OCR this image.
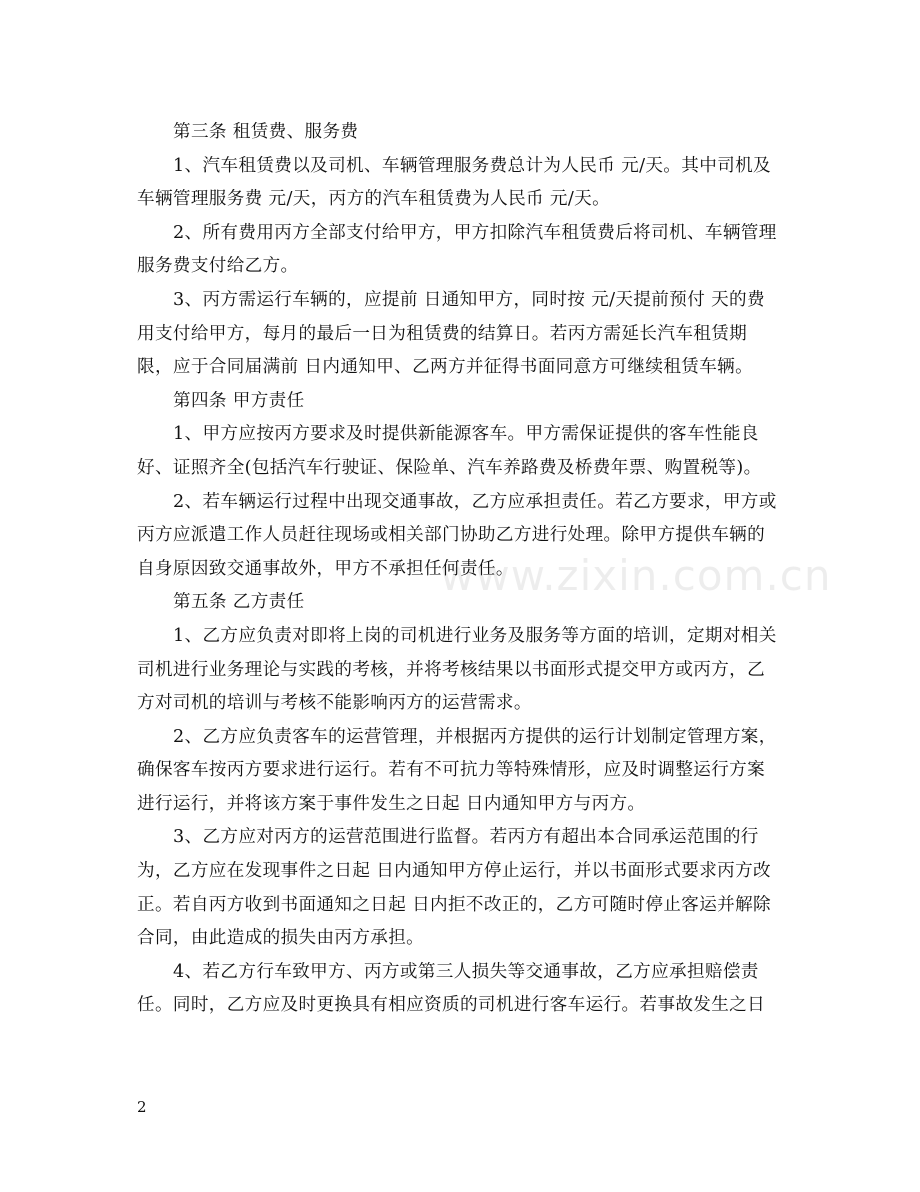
www.zixin.com.cn
第三条 租赁费、服务费
1、汽车租赁费以及司机、车辆管理服务费总计为人民币 元/天。其中司机及
车辆管理服务费 元/天，丙方的汽车租赁费为人民币 元/天。
2、所有费用丙方全部支付给甲方，甲方扣除汽车租赁费后将司机、车辆管理
服务费支付给乙方。
3、丙方需运行车辆的，应提前 日通知甲方，同时按 元/天提前预付 天的费
用支付给甲方，每月的最后一日为租赁费的结算日。若丙方需延长汽车租赁期
限，应于合同届满前 日内通知甲、乙两方并征得书面同意方可继续租赁车辆。
第四条 甲方责任
1、甲方应按丙方要求及时提供新能源客车。甲方需保证提供的客车性能良
好、证照齐全(包括汽车行驶证、保险单、汽车养路费及桥费年票、购置税等)。
2、若车辆运行过程中出现交通事故，乙方应承担责任。若乙方要求，甲方或
丙方应派遣工作人员赶往现场或相关部门协助乙方进行处理。除甲方提供车辆的
自身原因致交通事故外，甲方不承担任何责任。
第五条 乙方责任
1、乙方应负责对即将上岗的司机进行业务及服务等方面的培训，定期对相关
司机进行业务理论与实践的考核，并将考核结果以书面形式提交甲方或丙方，乙
方对司机的培训与考核不能影响丙方的运营需求。
2、乙方应负责客车的运营管理，并根据丙方提供的运行计划制定管理方案，
确保客车按丙方要求进行运行。若有不可抗力等特殊情形，应及时调整运行方案
进行运行，并将该方案于事件发生之日起 日内通知甲方与丙方。
3、乙方应对丙方的运营范围进行监督。若丙方有超出本合同承运范围的行
为，乙方应在发现事件之日起 日内通知甲方停止运行，并以书面形式要求丙方改
正。若自丙方收到书面通知之日起 日内拒不改正的，乙方可随时停止客运并解除
合同，由此造成的损失由丙方承担。
4、若乙方行车致甲方、丙方或第三人损失等交通事故，乙方应承担赔偿责
任。同时，乙方应及时更换具有相应资质的司机进行客车运行。若事故发生之日
2
